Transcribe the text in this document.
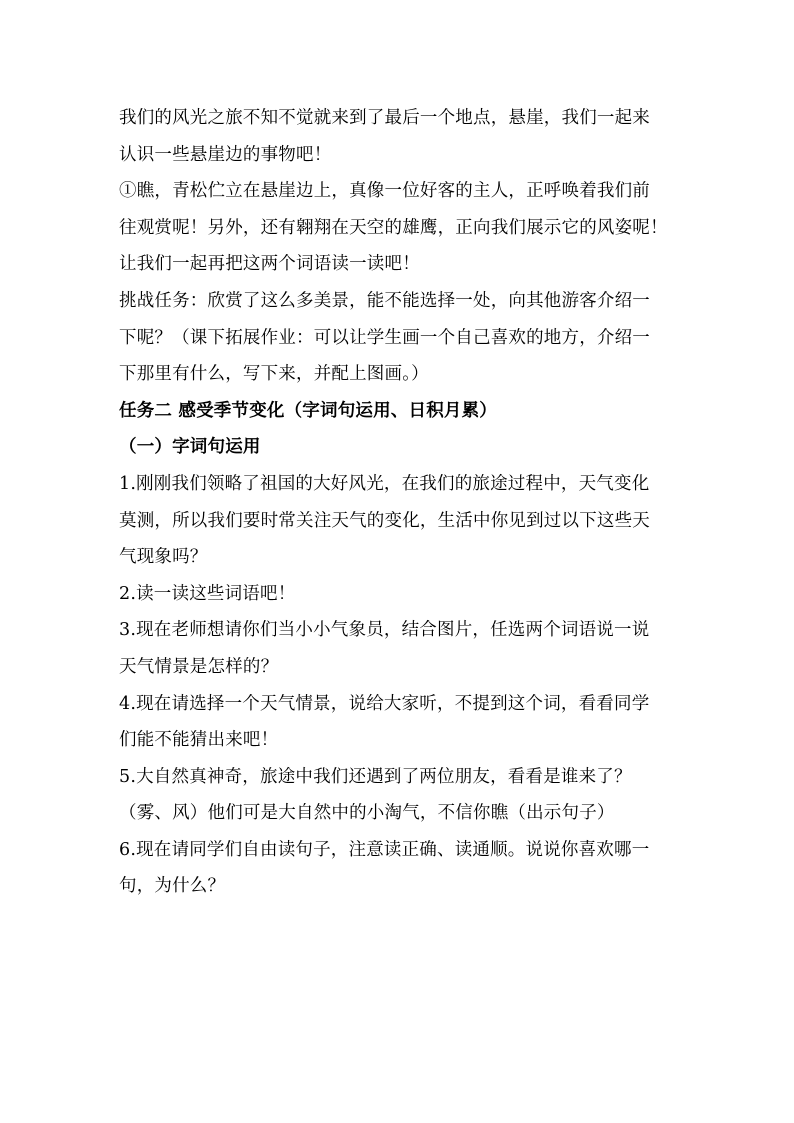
我们的风光之旅不知不觉就来到了最后一个地点，悬崖，我们一起来
认识一些悬崖边的事物吧！

①瞧，青松伫立在悬崖边上，真像一位好客的主人，正呼唤着我们前
往观赏呢！另外，还有翱翔在天空的雄鹰，正向我们展示它的风姿呢！
让我们一起再把这两个词语读一读吧！

挑战任务：欣赏了这么多美景，能不能选择一处，向其他游客介绍一
下呢？（课下拓展作业：可以让学生画一个自己喜欢的地方，介绍一
下那里有什么，写下来，并配上图画。）

任务二 感受季节变化（字词句运用、日积月累）

（一）字词句运用

1.刚刚我们领略了祖国的大好风光，在我们的旅途过程中，天气变化
莫测，所以我们要时常关注天气的变化，生活中你见到过以下这些天
气现象吗？

2.读一读这些词语吧！

3.现在老师想请你们当小小气象员，结合图片，任选两个词语说一说
天气情景是怎样的？

4.现在请选择一个天气情景，说给大家听，不提到这个词，看看同学
们能不能猜出来吧！

5.大自然真神奇，旅途中我们还遇到了两位朋友，看看是谁来了？
（雾、风）他们可是大自然中的小淘气，不信你瞧（出示句子）

6.现在请同学们自由读句子，注意读正确、读通顺。说说你喜欢哪一
句，为什么？
